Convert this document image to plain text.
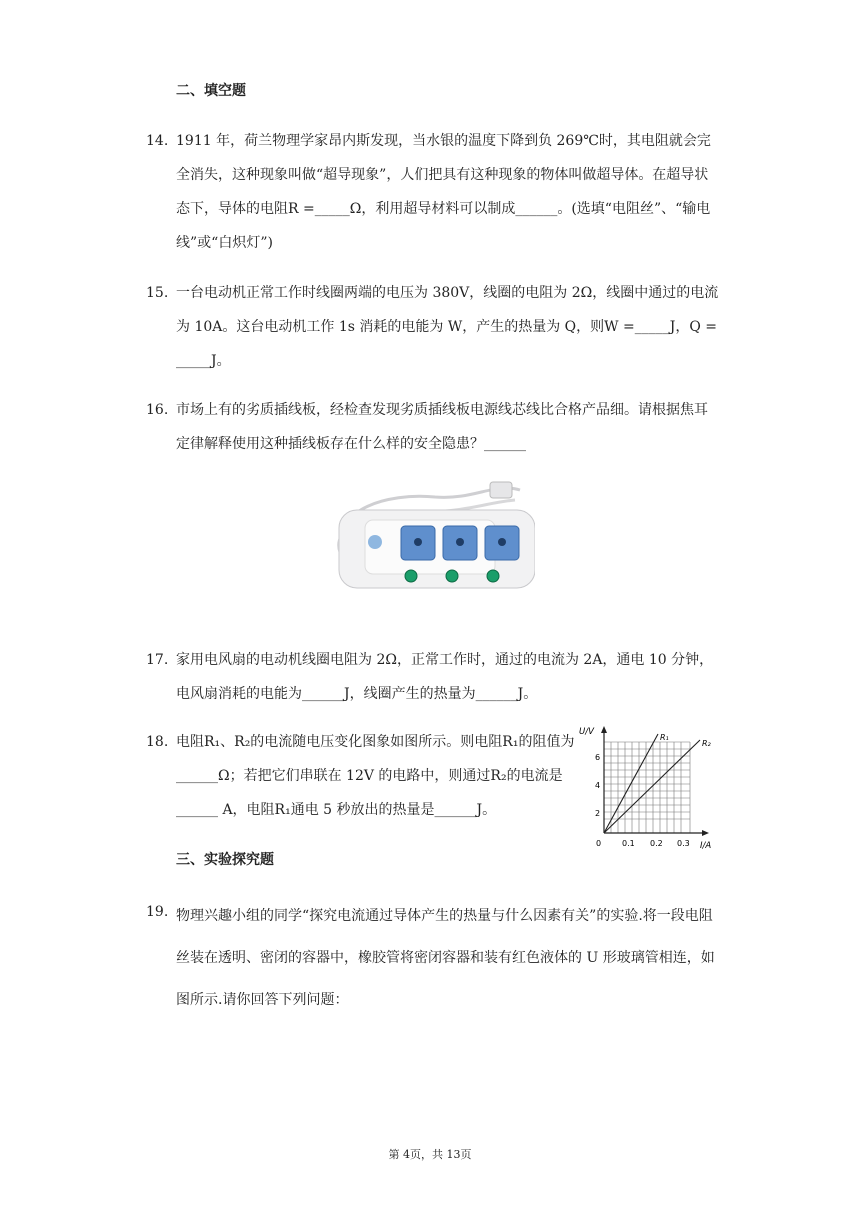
二、填空题
14. 1911 年，荷兰物理学家昂内斯发现，当水银的温度下降到负 269℃时，其电阻就会完全消失，这种现象叫做“超导现象”，人们把具有这种现象的物体叫做超导体。在超导状态下，导体的电阻R =_____Ω，利用超导材料可以制成______。(选填“电阻丝”、“输电线”或“白炽灯”)
15. 一台电动机正常工作时线圈两端的电压为 380V，线圈的电阻为 2Ω，线圈中通过的电流为 10A。这台电动机工作 1s 消耗的电能为 W，产生的热量为 Q，则W =_____J，Q = _____J。
16. 市场上有的劣质插线板，经检查发现劣质插线板电源线芯线比合格产品细。请根据焦耳定律解释使用这种插线板存在什么样的安全隐患？______
17. 家用电风扇的电动机线圈电阻为 2Ω，正常工作时，通过的电流为 2A，通电 10 分钟，电风扇消耗的电能为______J，线圈产生的热量为______J。
18. 电阻R₁、R₂的电流随电压变化图象如图所示。则电阻R₁的阻值为______Ω；若把它们串联在 12V 的电路中，则通过R₂的电流是______ A，电阻R₁通电 5 秒放出的热量是______J。
U/V
I/A
R₁
R₂
2
4
6
0	0.1 0.2 0.3
三、实验探究题
19. 物理兴趣小组的同学“探究电流通过导体产生的热量与什么因素有关”的实验.将一段电阻丝装在透明、密闭的容器中，橡胶管将密闭容器和装有红色液体的 U 形玻璃管相连，如图所示.请你回答下列问题：
第 4页，共 13页
